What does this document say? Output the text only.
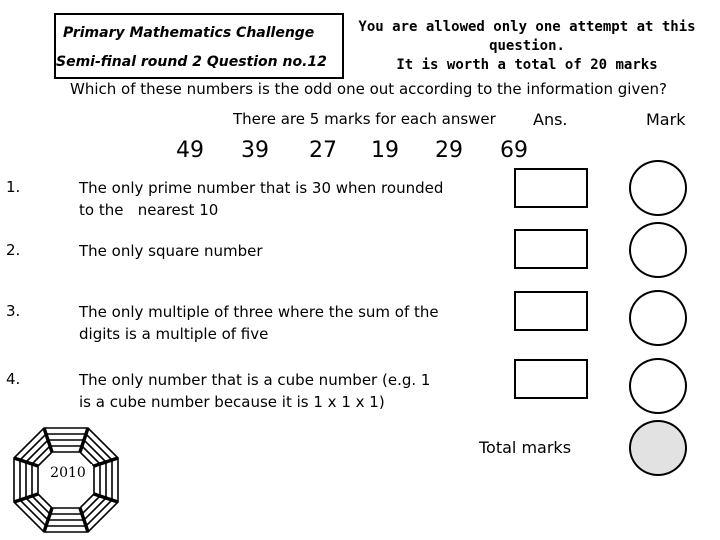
Primary Mathematics Challenge
Semi-final round 2 Question no.12
You are allowed only one attempt at this
question.
It is worth a total of 20 marks
Which of these numbers is the odd one out according to the information given?
There are 5 marks for each answer Ans.	Mark
49 39 27 19 29 69
1.	The only prime number that is 30 when rounded
to the   nearest 10
2.	The only square number
3.	The only multiple of three where the sum of the
digits is a multiple of five
4.	The only number that is a cube number (e.g. 1
is a cube number because it is 1 x 1 x 1)
Total marks
2010
